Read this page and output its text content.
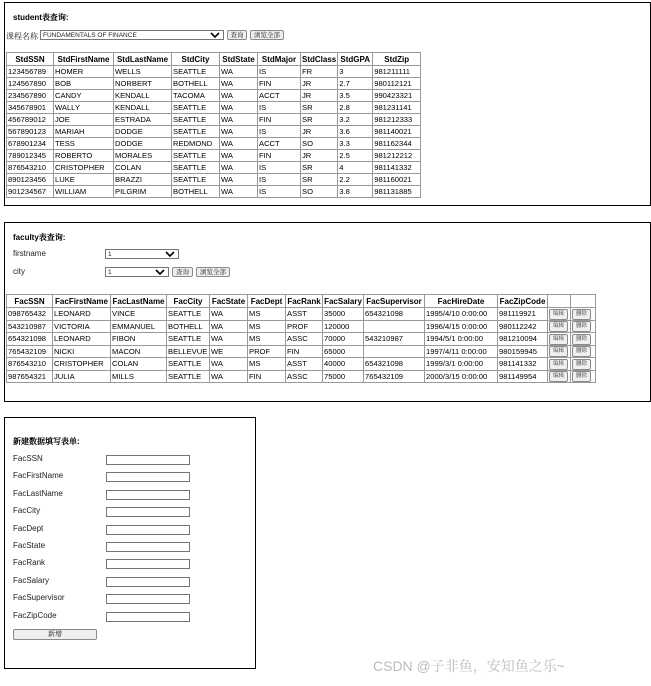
student表查询:
课程名称 FUNDAMENTALS OF FINANCE	查询	浏览全部
StdSSN	StdFirstName	StdLastName	StdCity	StdState	StdMajor	StdClass	StdGPA	StdZip
123456789	HOMER	WELLS	SEATTLE	WA	IS	FR	3	981211111
124567890	BOB	NORBERT	BOTHELL	WA	FIN	JR	2.7	980112121
234567890	CANDY	KENDALL	TACOMA	WA	ACCT	JR	3.5	990423321
345678901	WALLY	KENDALL	SEATTLE	WA	IS	SR	2.8	981231141
456789012	JOE	ESTRADA	SEATTLE	WA	FIN	SR	3.2	981212333
567890123	MARIAH	DODGE	SEATTLE	WA	IS	JR	3.6	981140021
678901234	TESS	DODGE	REDMOND	WA	ACCT	SO	3.3	981162344
789012345	ROBERTO	MORALES	SEATTLE	WA	FIN	JR	2.5	981212212
876543210	CRISTOPHER	COLAN	SEATTLE	WA	IS	SR	4	981141332
890123456	LUKE	BRAZZI	SEATTLE	WA	IS	SR	2.2	981160021
901234567	WILLIAM	PILGRIM	BOTHELL	WA	IS	SO	3.8	981131885
faculty表查询:
firstname	1
city	1	查询	浏览全部
FacSSN	FacFirstName	FacLastName	FacCity	FacState	FacDept	FacRank	FacSalary	FacSupervisor	FacHireDate	FacZipCode		
098765432	LEONARD	VINCE	SEATTLE	WA	MS	ASST	35000	654321098	1995/4/10 0:00:00	981119921	编辑	删除
543210987	VICTORIA	EMMANUEL	BOTHELL	WA	MS	PROF	120000		1996/4/15 0:00:00	980112242	编辑	删除
654321098	LEONARD	FIBON	SEATTLE	WA	MS	ASSC	70000	543210987	1994/5/1 0:00:00	981210094	编辑	删除
765432109	NICKI	MACON	BELLEVUE	WE	PROF	FIN	65000		1997/4/11 0:00:00	980159945	编辑	删除
876543210	CRISTOPHER	COLAN	SEATTLE	WA	MS	ASST	40000	654321098	1999/3/1 0:00:00	981141332	编辑	删除
987654321	JULIA	MILLS	SEATTLE	WA	FIN	ASSC	75000	765432109	2000/3/15 0:00:00	981149954	编辑	删除
新建数据填写表单:
FacSSN
FacFirstName
FacLastName
FacCity
FacDept
FacState
FacRank
FacSalary
FacSupervisor
FacZipCode
新增
CSDN @子非鱼，安知鱼之乐~
